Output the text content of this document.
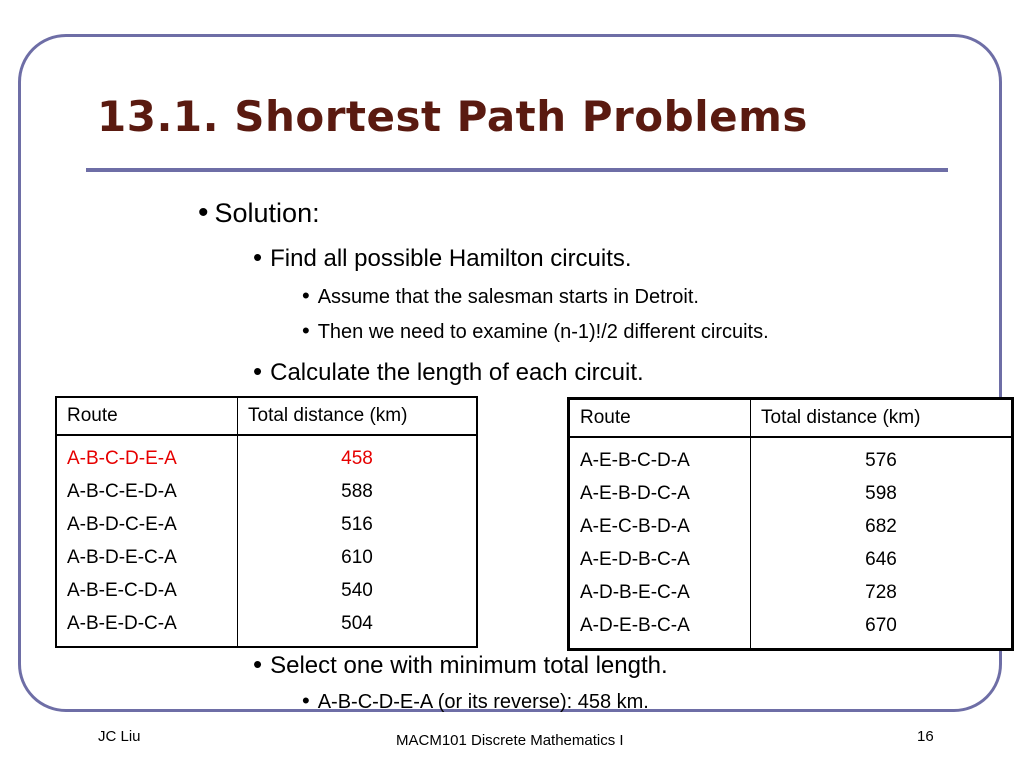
13.1. Shortest Path Problems
• Solution:
• Find all possible Hamilton circuits.
• Assume that the salesman starts in Detroit.
• Then we need to examine (n-1)!/2 different circuits.
• Calculate the length of each circuit.
Route	Total distance (km)
A-B-C-D-E-A	458
A-B-C-E-D-A	588
A-B-D-C-E-A	516
A-B-D-E-C-A	610
A-B-E-C-D-A	540
A-B-E-D-C-A	504
Route	Total distance (km)
A-E-B-C-D-A	576
A-E-B-D-C-A	598
A-E-C-B-D-A	682
A-E-D-B-C-A	646
A-D-B-E-C-A	728
A-D-E-B-C-A	670
• Select one with minimum total length.
• A-B-C-D-E-A (or its reverse): 458 km.
JC Liu	MACM101 Discrete Mathematics I	16
